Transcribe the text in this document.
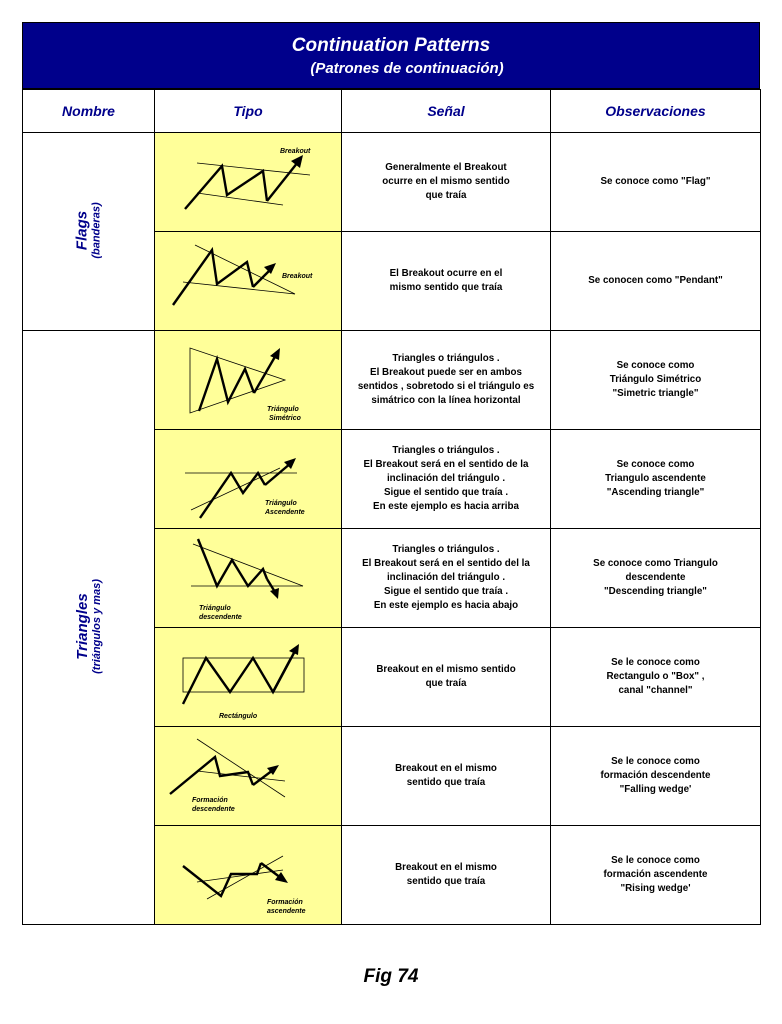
Continuation Patterns
(Patrones de continuación)
Nombre	Tipo	Señal	Observaciones

Flags (banderas)	Breakout	Generalmente el Breakout
ocurre en el mismo sentido
que traía	Se conoce como "Flag"

Breakout	El Breakout ocurre en el
mismo sentido que traía	Se conocen como "Pendant"

Triangles (triángulos y mas)	Triángulo
Simétrico	Triangles o triángulos .
El Breakout puede ser en ambos
sentidos , sobretodo si el triángulo es
simátrico con la línea horizontal	Se conoce como
Triángulo Simétrico
"Simetric triangle"

Triángulo
Ascendente	Triangles o triángulos .
El Breakout será en el sentido de la
inclinación del triángulo .
Sigue el sentido que traía .
En este ejemplo es hacia arriba	Se conoce como
Triangulo ascendente
"Ascending triangle"

Triángulo
descendente	Triangles o triángulos .
El Breakout será en el sentido del la
inclinación del triángulo .
Sigue el sentido que traía .
En este ejemplo es hacia abajo	Se conoce como Triangulo
descendente
"Descending triangle"

Rectángulo	Breakout en el mismo sentido
que traía	Se le conoce como
Rectangulo o "Box" ,
canal "channel"

Formación
descendente	Breakout en el mismo
sentido que traía	Se le conoce como
formación descendente
"Falling wedge'

Formación
ascendente	Breakout en el mismo
sentido que traía	Se le conoce como
formación ascendente
"Rising wedge'
Fig 74
